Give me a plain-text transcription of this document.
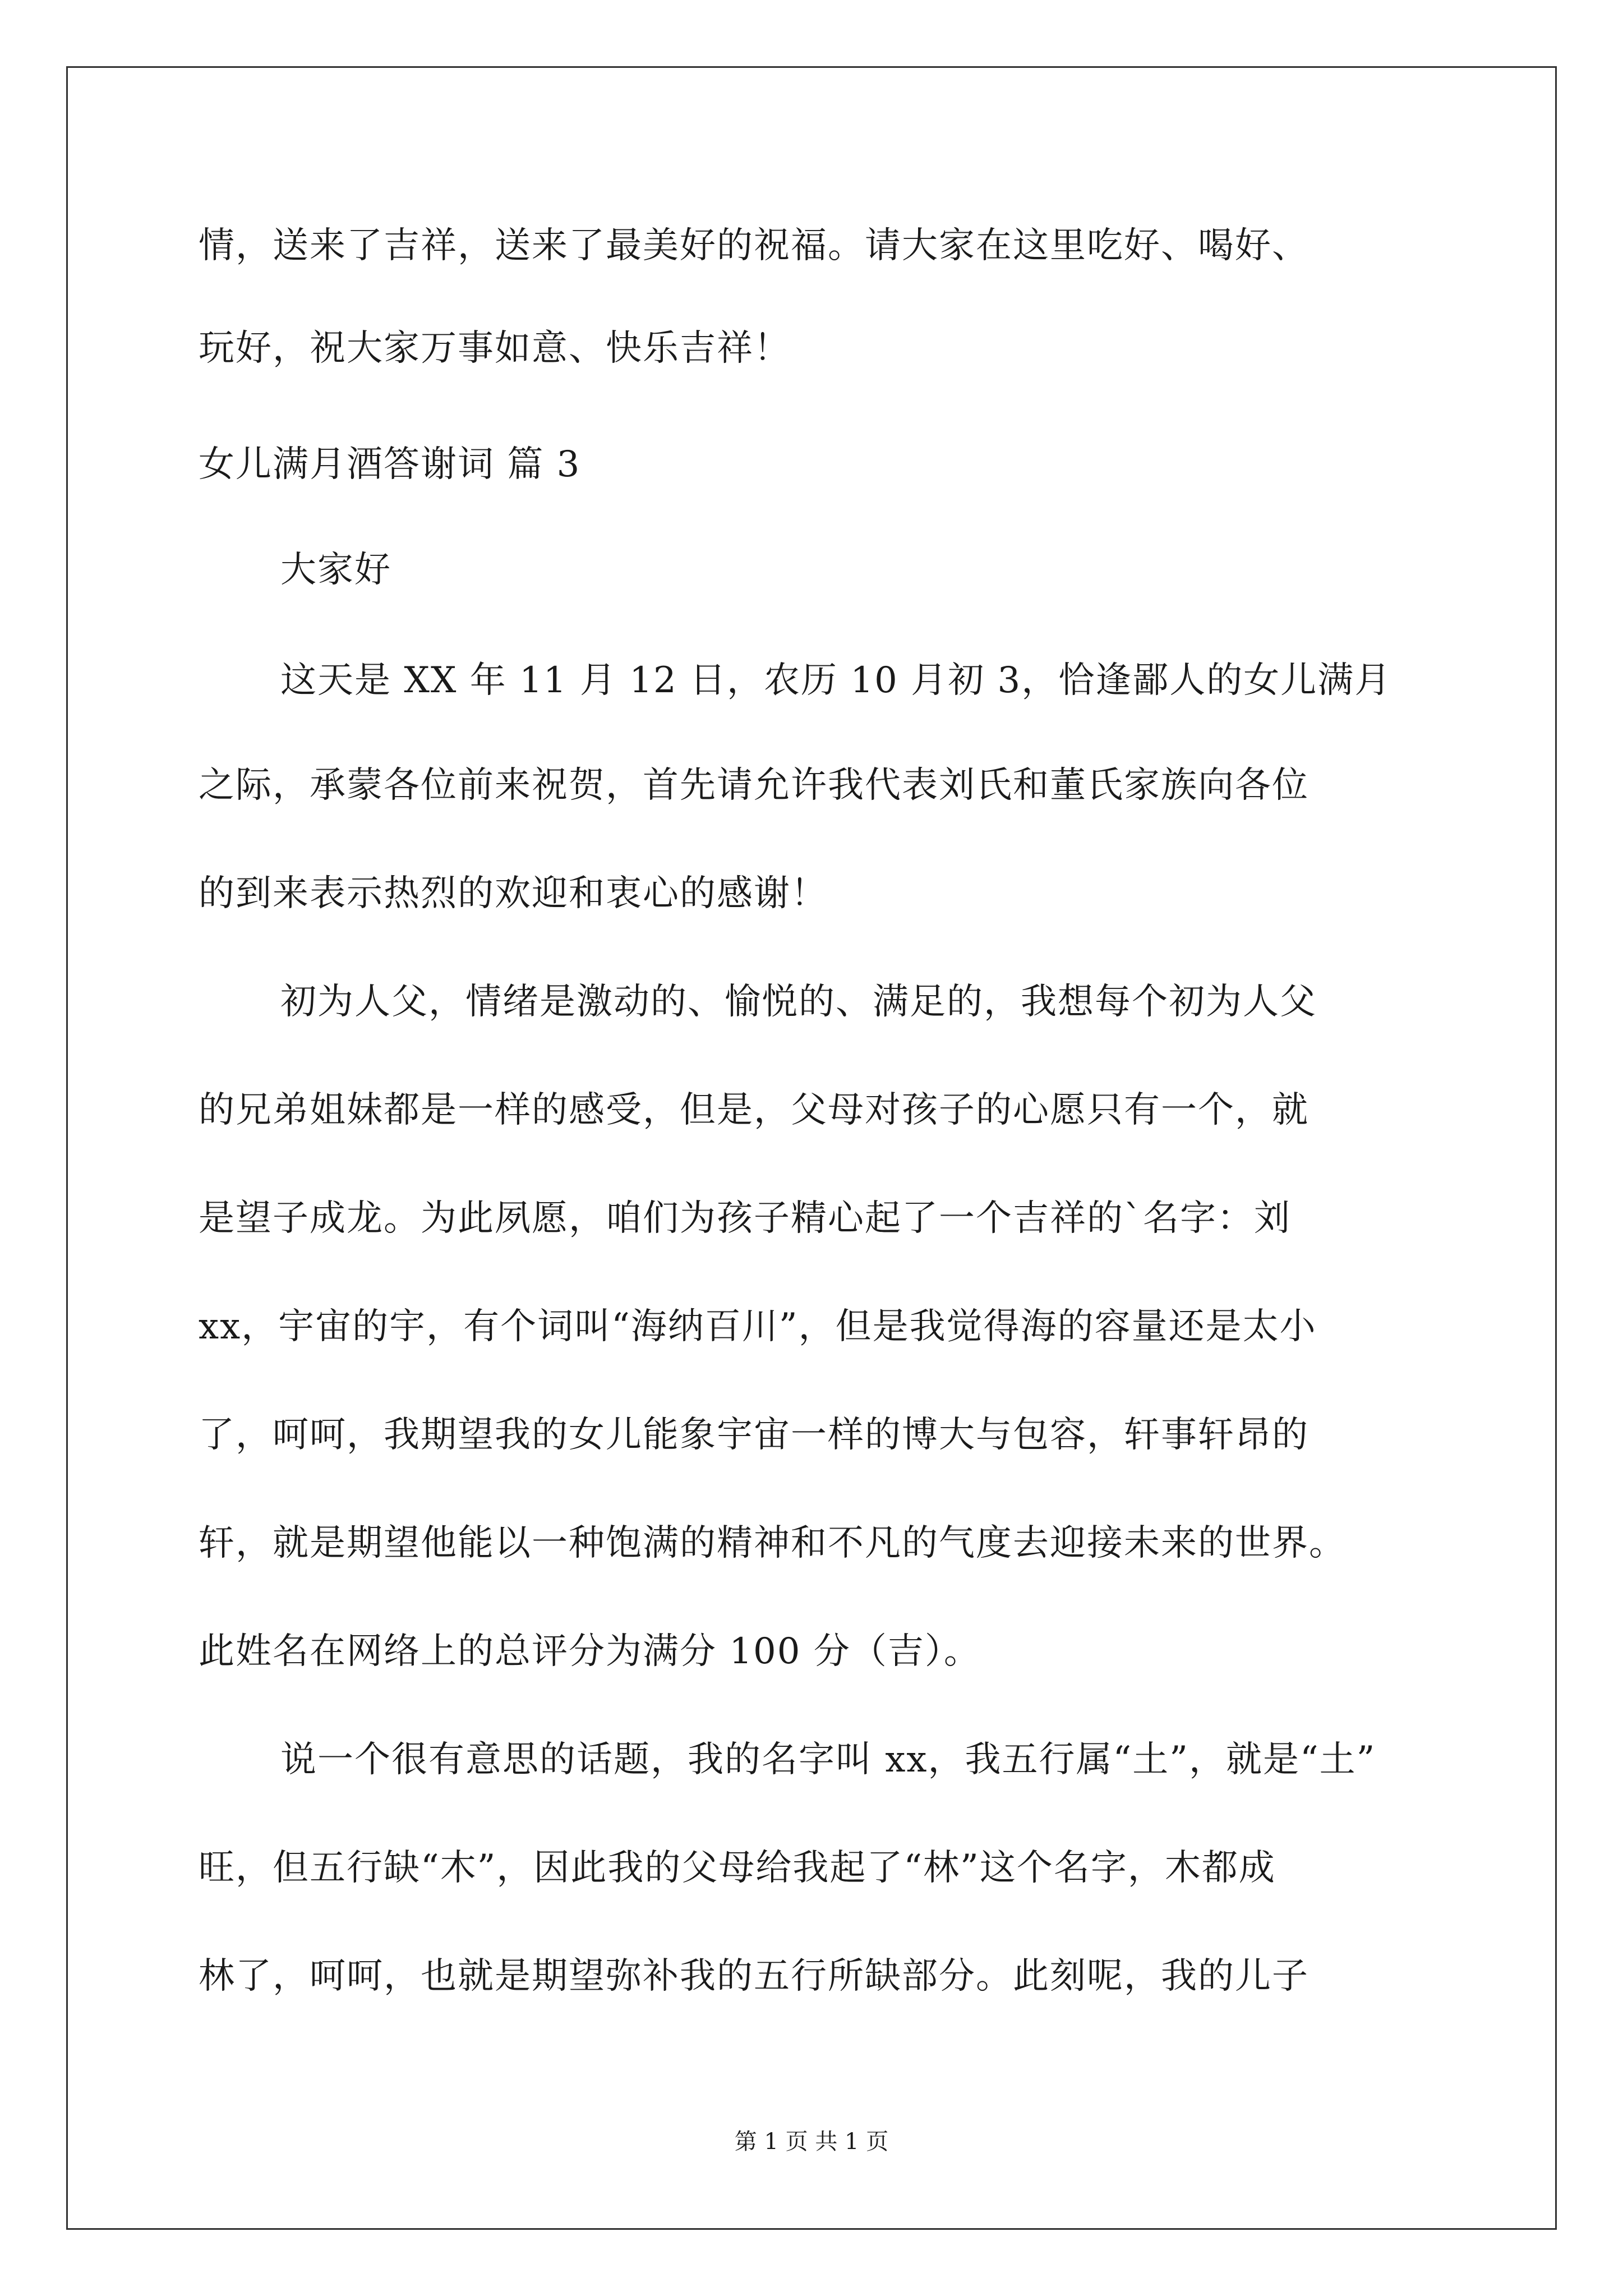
情，送来了吉祥，送来了最美好的祝福。请大家在这里吃好、喝好、
玩好，祝大家万事如意、快乐吉祥！
女儿满月酒答谢词 篇 3
大家好
这天是 XX 年 11 月 12 日，农历 10 月初 3，恰逢鄙人的女儿满月
之际，承蒙各位前来祝贺，首先请允许我代表刘氏和董氏家族向各位
的到来表示热烈的欢迎和衷心的感谢！
初为人父，情绪是激动的、愉悦的、满足的，我想每个初为人父
的兄弟姐妹都是一样的感受，但是，父母对孩子的心愿只有一个，就
是望子成龙。为此夙愿，咱们为孩子精心起了一个吉祥的`名字：刘
xx，宇宙的宇，有个词叫“海纳百川”，但是我觉得海的容量还是太小
了，呵呵，我期望我的女儿能象宇宙一样的博大与包容，轩事轩昂的
轩，就是期望他能以一种饱满的精神和不凡的气度去迎接未来的世界。
此姓名在网络上的总评分为满分 100 分（吉）。
说一个很有意思的话题，我的名字叫 xx，我五行属“土”，就是“土”
旺，但五行缺“木”，因此我的父母给我起了“林”这个名字，木都成
林了，呵呵，也就是期望弥补我的五行所缺部分。此刻呢，我的儿子
第 1 页 共 1 页
